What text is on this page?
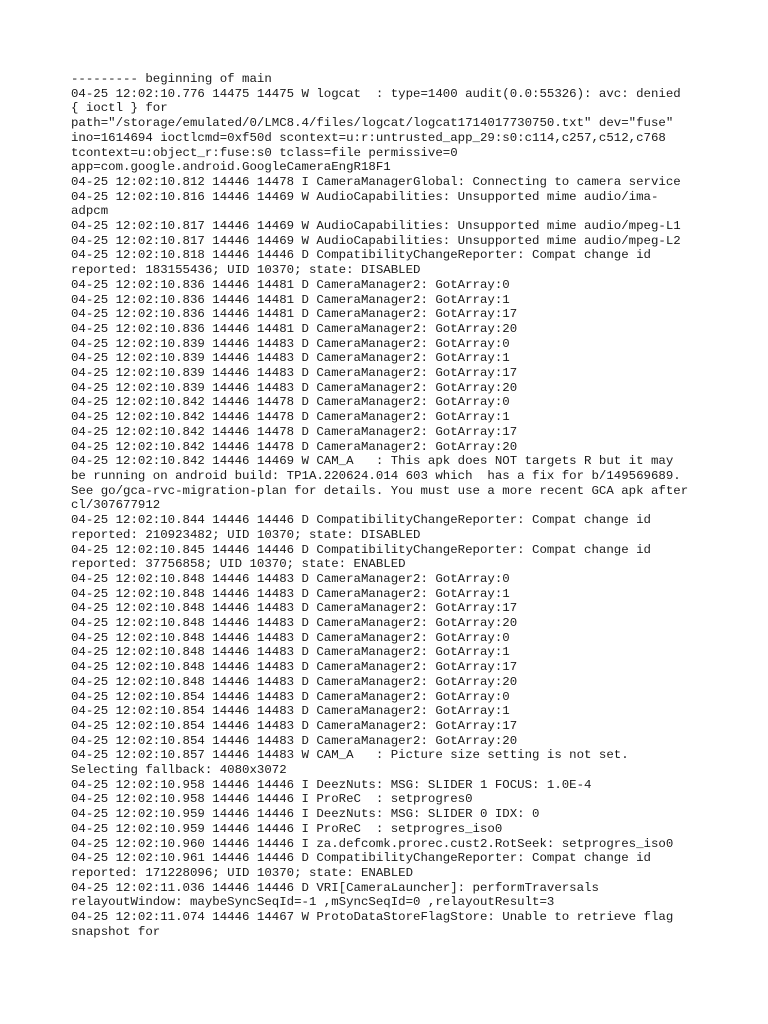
--------- beginning of main
04-25 12:02:10.776 14475 14475 W logcat  : type=1400 audit(0.0:55326): avc: denied
{ ioctl } for
path="/storage/emulated/0/LMC8.4/files/logcat/logcat1714017730750.txt" dev="fuse"
ino=1614694 ioctlcmd=0xf50d scontext=u:r:untrusted_app_29:s0:c114,c257,c512,c768
tcontext=u:object_r:fuse:s0 tclass=file permissive=0
app=com.google.android.GoogleCameraEngR18F1
04-25 12:02:10.812 14446 14478 I CameraManagerGlobal: Connecting to camera service
04-25 12:02:10.816 14446 14469 W AudioCapabilities: Unsupported mime audio/ima-
adpcm
04-25 12:02:10.817 14446 14469 W AudioCapabilities: Unsupported mime audio/mpeg-L1
04-25 12:02:10.817 14446 14469 W AudioCapabilities: Unsupported mime audio/mpeg-L2
04-25 12:02:10.818 14446 14446 D CompatibilityChangeReporter: Compat change id
reported: 183155436; UID 10370; state: DISABLED
04-25 12:02:10.836 14446 14481 D CameraManager2: GotArray:0
04-25 12:02:10.836 14446 14481 D CameraManager2: GotArray:1
04-25 12:02:10.836 14446 14481 D CameraManager2: GotArray:17
04-25 12:02:10.836 14446 14481 D CameraManager2: GotArray:20
04-25 12:02:10.839 14446 14483 D CameraManager2: GotArray:0
04-25 12:02:10.839 14446 14483 D CameraManager2: GotArray:1
04-25 12:02:10.839 14446 14483 D CameraManager2: GotArray:17
04-25 12:02:10.839 14446 14483 D CameraManager2: GotArray:20
04-25 12:02:10.842 14446 14478 D CameraManager2: GotArray:0
04-25 12:02:10.842 14446 14478 D CameraManager2: GotArray:1
04-25 12:02:10.842 14446 14478 D CameraManager2: GotArray:17
04-25 12:02:10.842 14446 14478 D CameraManager2: GotArray:20
04-25 12:02:10.842 14446 14469 W CAM_A   : This apk does NOT targets R but it may
be running on android build: TP1A.220624.014 603 which  has a fix for b/149569689.
See go/gca-rvc-migration-plan for details. You must use a more recent GCA apk after
cl/307677912
04-25 12:02:10.844 14446 14446 D CompatibilityChangeReporter: Compat change id
reported: 210923482; UID 10370; state: DISABLED
04-25 12:02:10.845 14446 14446 D CompatibilityChangeReporter: Compat change id
reported: 37756858; UID 10370; state: ENABLED
04-25 12:02:10.848 14446 14483 D CameraManager2: GotArray:0
04-25 12:02:10.848 14446 14483 D CameraManager2: GotArray:1
04-25 12:02:10.848 14446 14483 D CameraManager2: GotArray:17
04-25 12:02:10.848 14446 14483 D CameraManager2: GotArray:20
04-25 12:02:10.848 14446 14483 D CameraManager2: GotArray:0
04-25 12:02:10.848 14446 14483 D CameraManager2: GotArray:1
04-25 12:02:10.848 14446 14483 D CameraManager2: GotArray:17
04-25 12:02:10.848 14446 14483 D CameraManager2: GotArray:20
04-25 12:02:10.854 14446 14483 D CameraManager2: GotArray:0
04-25 12:02:10.854 14446 14483 D CameraManager2: GotArray:1
04-25 12:02:10.854 14446 14483 D CameraManager2: GotArray:17
04-25 12:02:10.854 14446 14483 D CameraManager2: GotArray:20
04-25 12:02:10.857 14446 14483 W CAM_A   : Picture size setting is not set.
Selecting fallback: 4080x3072
04-25 12:02:10.958 14446 14446 I DeezNuts: MSG: SLIDER 1 FOCUS: 1.0E-4
04-25 12:02:10.958 14446 14446 I ProReC  : setprogres0
04-25 12:02:10.959 14446 14446 I DeezNuts: MSG: SLIDER 0 IDX: 0
04-25 12:02:10.959 14446 14446 I ProReC  : setprogres_iso0
04-25 12:02:10.960 14446 14446 I za.defcomk.prorec.cust2.RotSeek: setprogres_iso0
04-25 12:02:10.961 14446 14446 D CompatibilityChangeReporter: Compat change id
reported: 171228096; UID 10370; state: ENABLED
04-25 12:02:11.036 14446 14446 D VRI[CameraLauncher]: performTraversals
relayoutWindow: maybeSyncSeqId=-1 ,mSyncSeqId=0 ,relayoutResult=3
04-25 12:02:11.074 14446 14467 W ProtoDataStoreFlagStore: Unable to retrieve flag
snapshot for
